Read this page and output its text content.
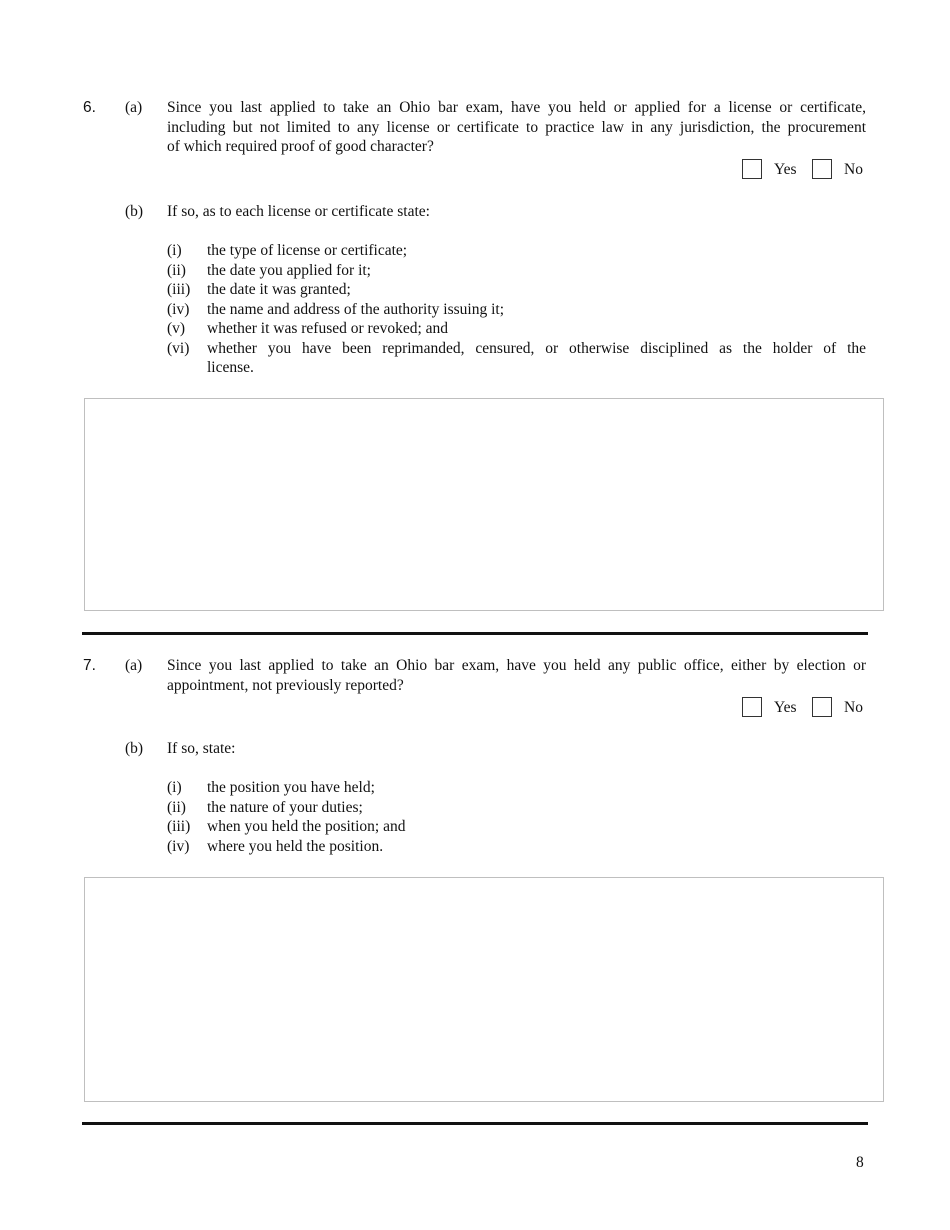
6. (a) Since you last applied to take an Ohio bar exam, have you held or applied for a license or certificate,
including but not limited to any license or certificate to practice law in any jurisdiction, the procurement
of which required proof of good character?
Yes	No
(b) If so, as to each license or certificate state:
(i)	the type of license or certificate;
(ii)	the date you applied for it;
(iii)	the date it was granted;
(iv)	the name and address of the authority issuing it;
(v)	whether it was refused or revoked; and
(vi)	whether you have been reprimanded, censured, or otherwise disciplined as the holder of the
license.
7. (a) Since you last applied to take an Ohio bar exam, have you held any public office, either by election or
appointment, not previously reported?
Yes	No
(b) If so, state:
(i)	the position you have held;
(ii)	the nature of your duties;
(iii)	when you held the position; and
(iv)	where you held the position.
8
